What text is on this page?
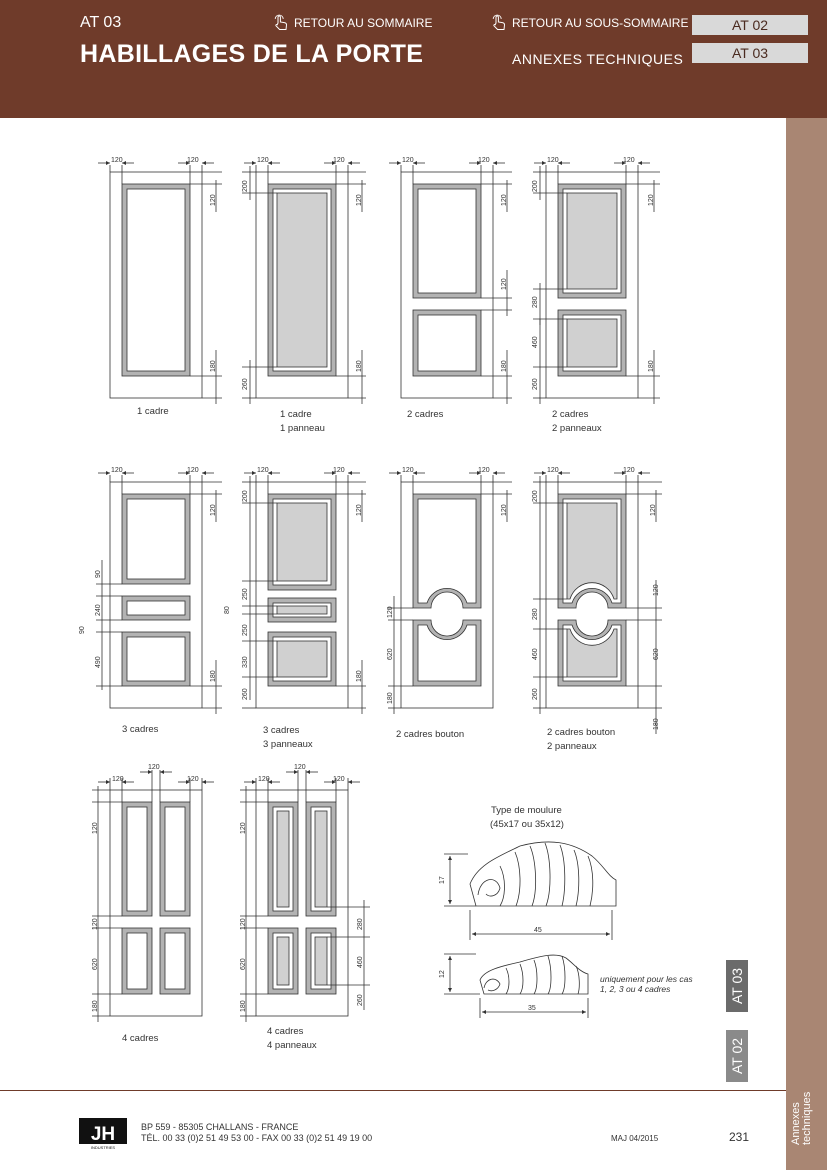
AT 03
HABILLAGES DE LA PORTE
RETOUR AU SOMMAIRE	RETOUR AU SOUS-SOMMAIRE
ANNEXES TECHNIQUES
AT 02
AT 03
AT 03
AT 02
Annexes techniques
120	120
120
180
120	120
200
260
120
180
120	120
120
120
180
120	120
200
280
460
260
120
180
120	120
120
180
90
240
90
490
120	120
200
250
80
250
330
260
120
180
120	120
120
120
620
180
120	120
200
280
460
260
120
120
620
180
120
120
120
120
120
620
180
120
120
120
120
120
620
180
280
460
260
17
45
12
35
1 cadre	1 cadre
1 panneau
2 cadres	2 cadres
2 panneaux
3 cadres	3 cadres
3 panneaux
2 cadres bouton	2 cadres bouton
2 panneaux
4 cadres
4 cadres
4 panneaux
Type de moulure
(45x17 ou 35x12)
uniquement pour les cas
1, 2, 3 ou 4 cadres
JH
INDUSTRIES
BP 559 - 85305 CHALLANS - FRANCE
TÉL. 00 33 (0)2 51 49 53 00 - FAX 00 33 (0)2 51 49 19 00	MAJ 04/2015	231
